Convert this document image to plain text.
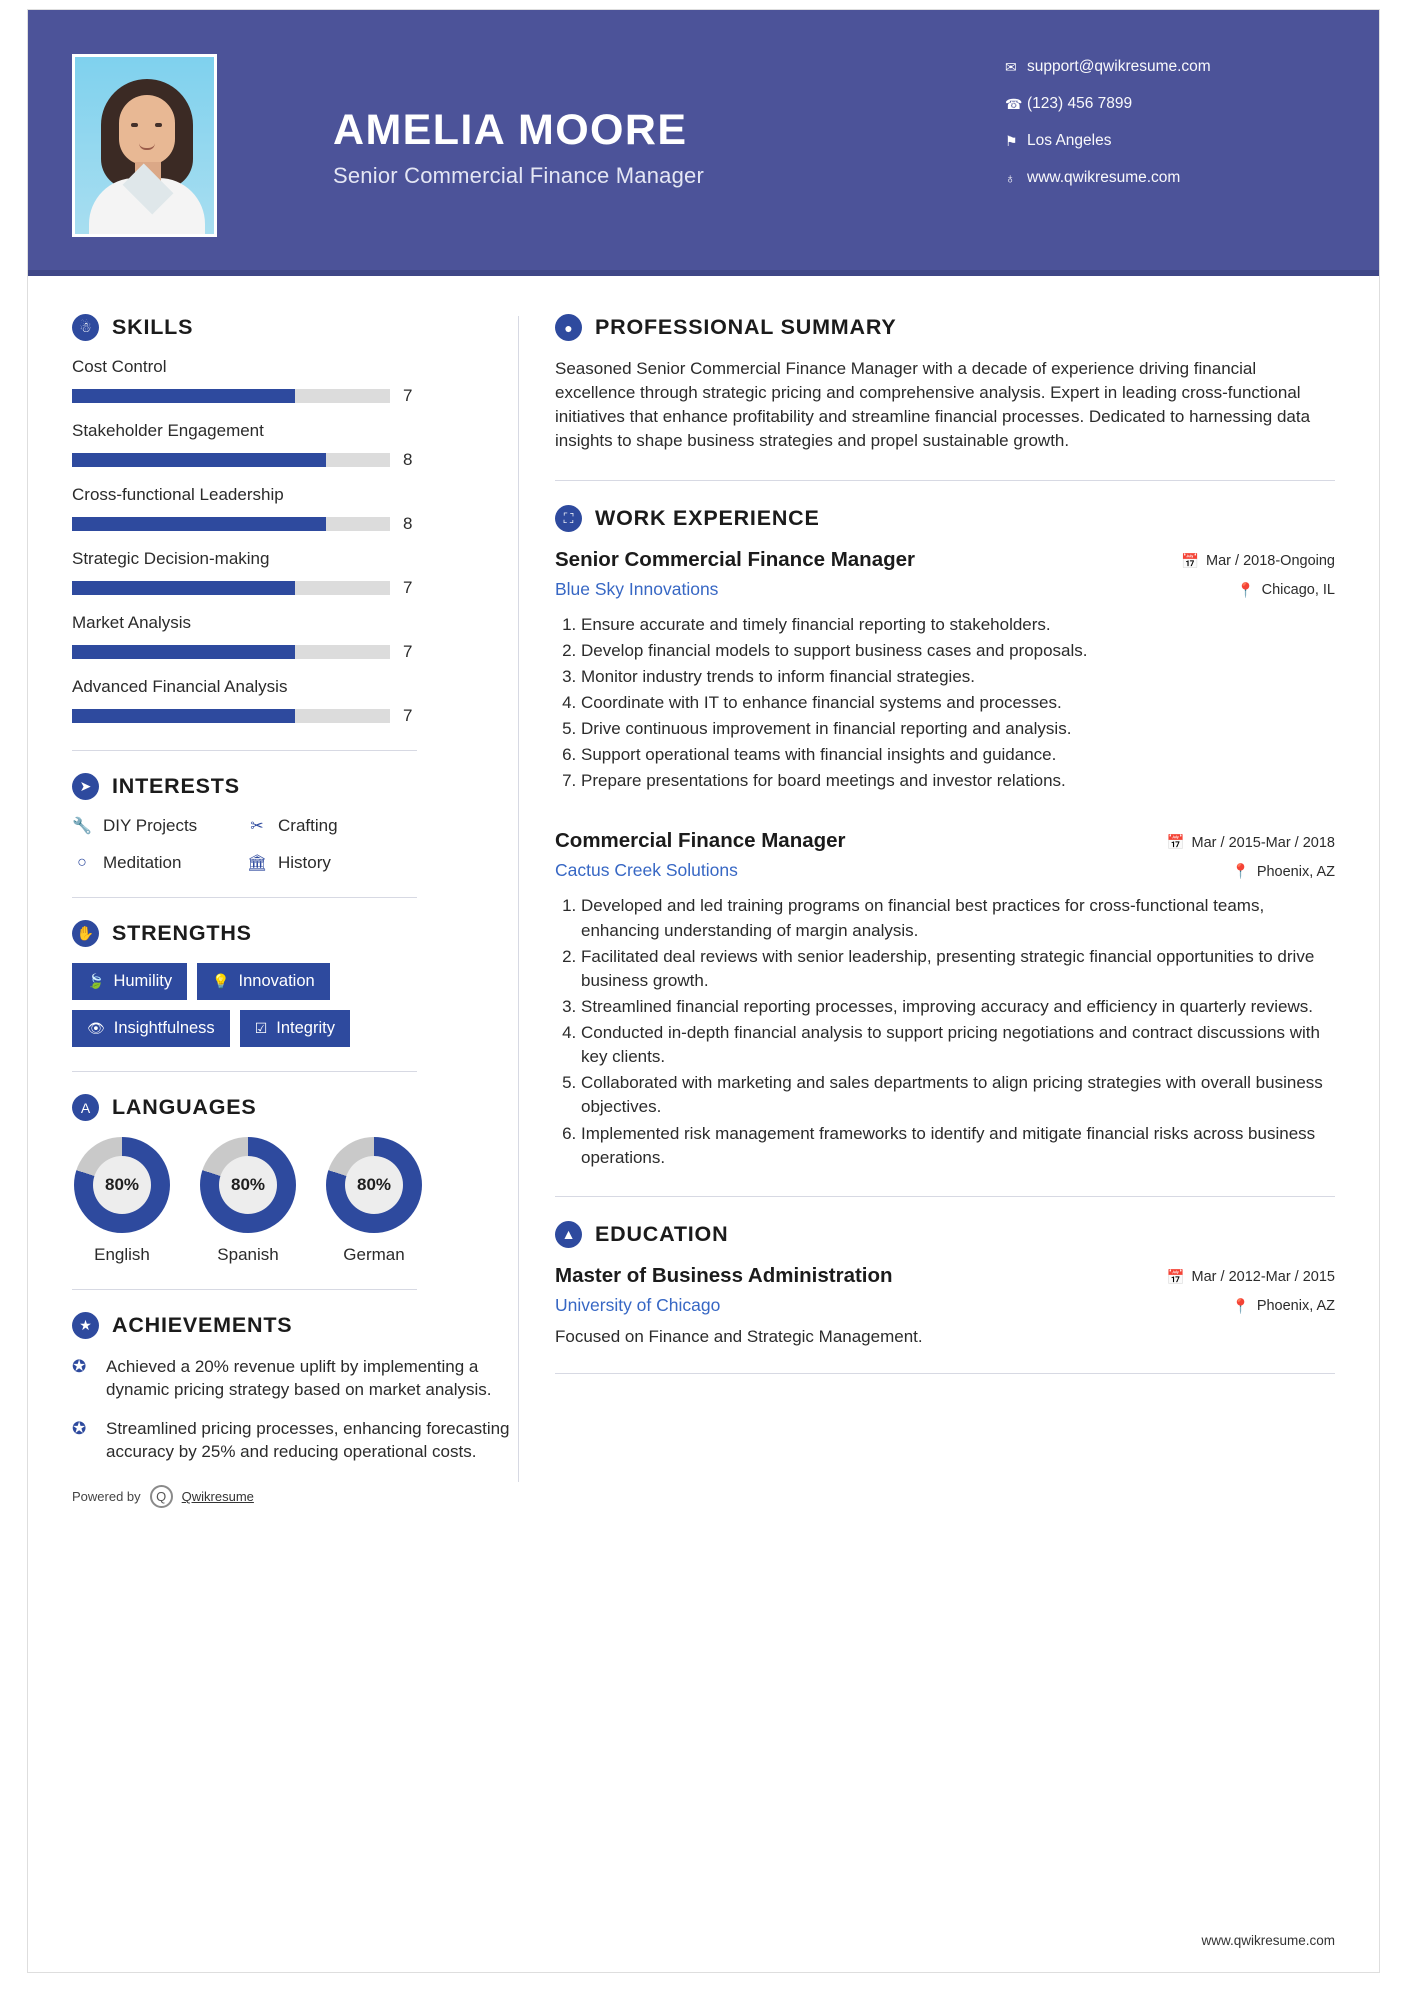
AMELIA MOORE
Senior Commercial Finance Manager
✉ support@qwikresume.com
☎ (123) 456 7899
⚑ Los Angeles
♁ www.qwikresume.com
☃ SKILLS
Cost Control
7
Stakeholder Engagement
8
Cross-functional Leadership
8
Strategic Decision-making
7
Market Analysis
7
Advanced Financial Analysis
7
➤ INTERESTS
🔧 DIY Projects	✂ Crafting
○ Meditation	🏛 History
✋ STRENGTHS
🍃 Humility	💡 Innovation
👁 Insightfulness	☑ Integrity
A	LANGUAGES
80%
English
80%
Spanish
80%
German
★ ACHIEVEMENTS
✪	Achieved a 20% revenue uplift by implementing a dynamic pricing strategy based on market analysis.
✪	Streamlined pricing processes, enhancing forecasting accuracy by 25% and reducing operational costs.
Powered by	Q	Qwikresume
●	PROFESSIONAL SUMMARY
Seasoned Senior Commercial Finance Manager with a decade of experience driving financial excellence through strategic pricing and comprehensive analysis. Expert in leading cross-functional initiatives that enhance profitability and streamline financial processes. Dedicated to harnessing data insights to shape business strategies and propel sustainable growth.
⛶	WORK EXPERIENCE
Senior Commercial Finance Manager	📅 Mar / 2018-Ongoing
Blue Sky Innovations	📍 Chicago, IL
1. Ensure accurate and timely financial reporting to stakeholders.
2. Develop financial models to support business cases and proposals.
3. Monitor industry trends to inform financial strategies.
4. Coordinate with IT to enhance financial systems and processes.
5. Drive continuous improvement in financial reporting and analysis.
6. Support operational teams with financial insights and guidance.
7. Prepare presentations for board meetings and investor relations.
Commercial Finance Manager	📅 Mar / 2015-Mar / 2018
Cactus Creek Solutions	📍 Phoenix, AZ
1. Developed and led training programs on financial best practices for cross-functional teams, enhancing understanding of margin analysis.
2. Facilitated deal reviews with senior leadership, presenting strategic financial opportunities to drive business growth.
3. Streamlined financial reporting processes, improving accuracy and efficiency in quarterly reviews.
4. Conducted in-depth financial analysis to support pricing negotiations and contract discussions with key clients.
5. Collaborated with marketing and sales departments to align pricing strategies with overall business objectives.
6. Implemented risk management frameworks to identify and mitigate financial risks across business operations.
▲ EDUCATION
Master of Business Administration	📅 Mar / 2012-Mar / 2015
University of Chicago	📍 Phoenix, AZ
Focused on Finance and Strategic Management.
www.qwikresume.com
